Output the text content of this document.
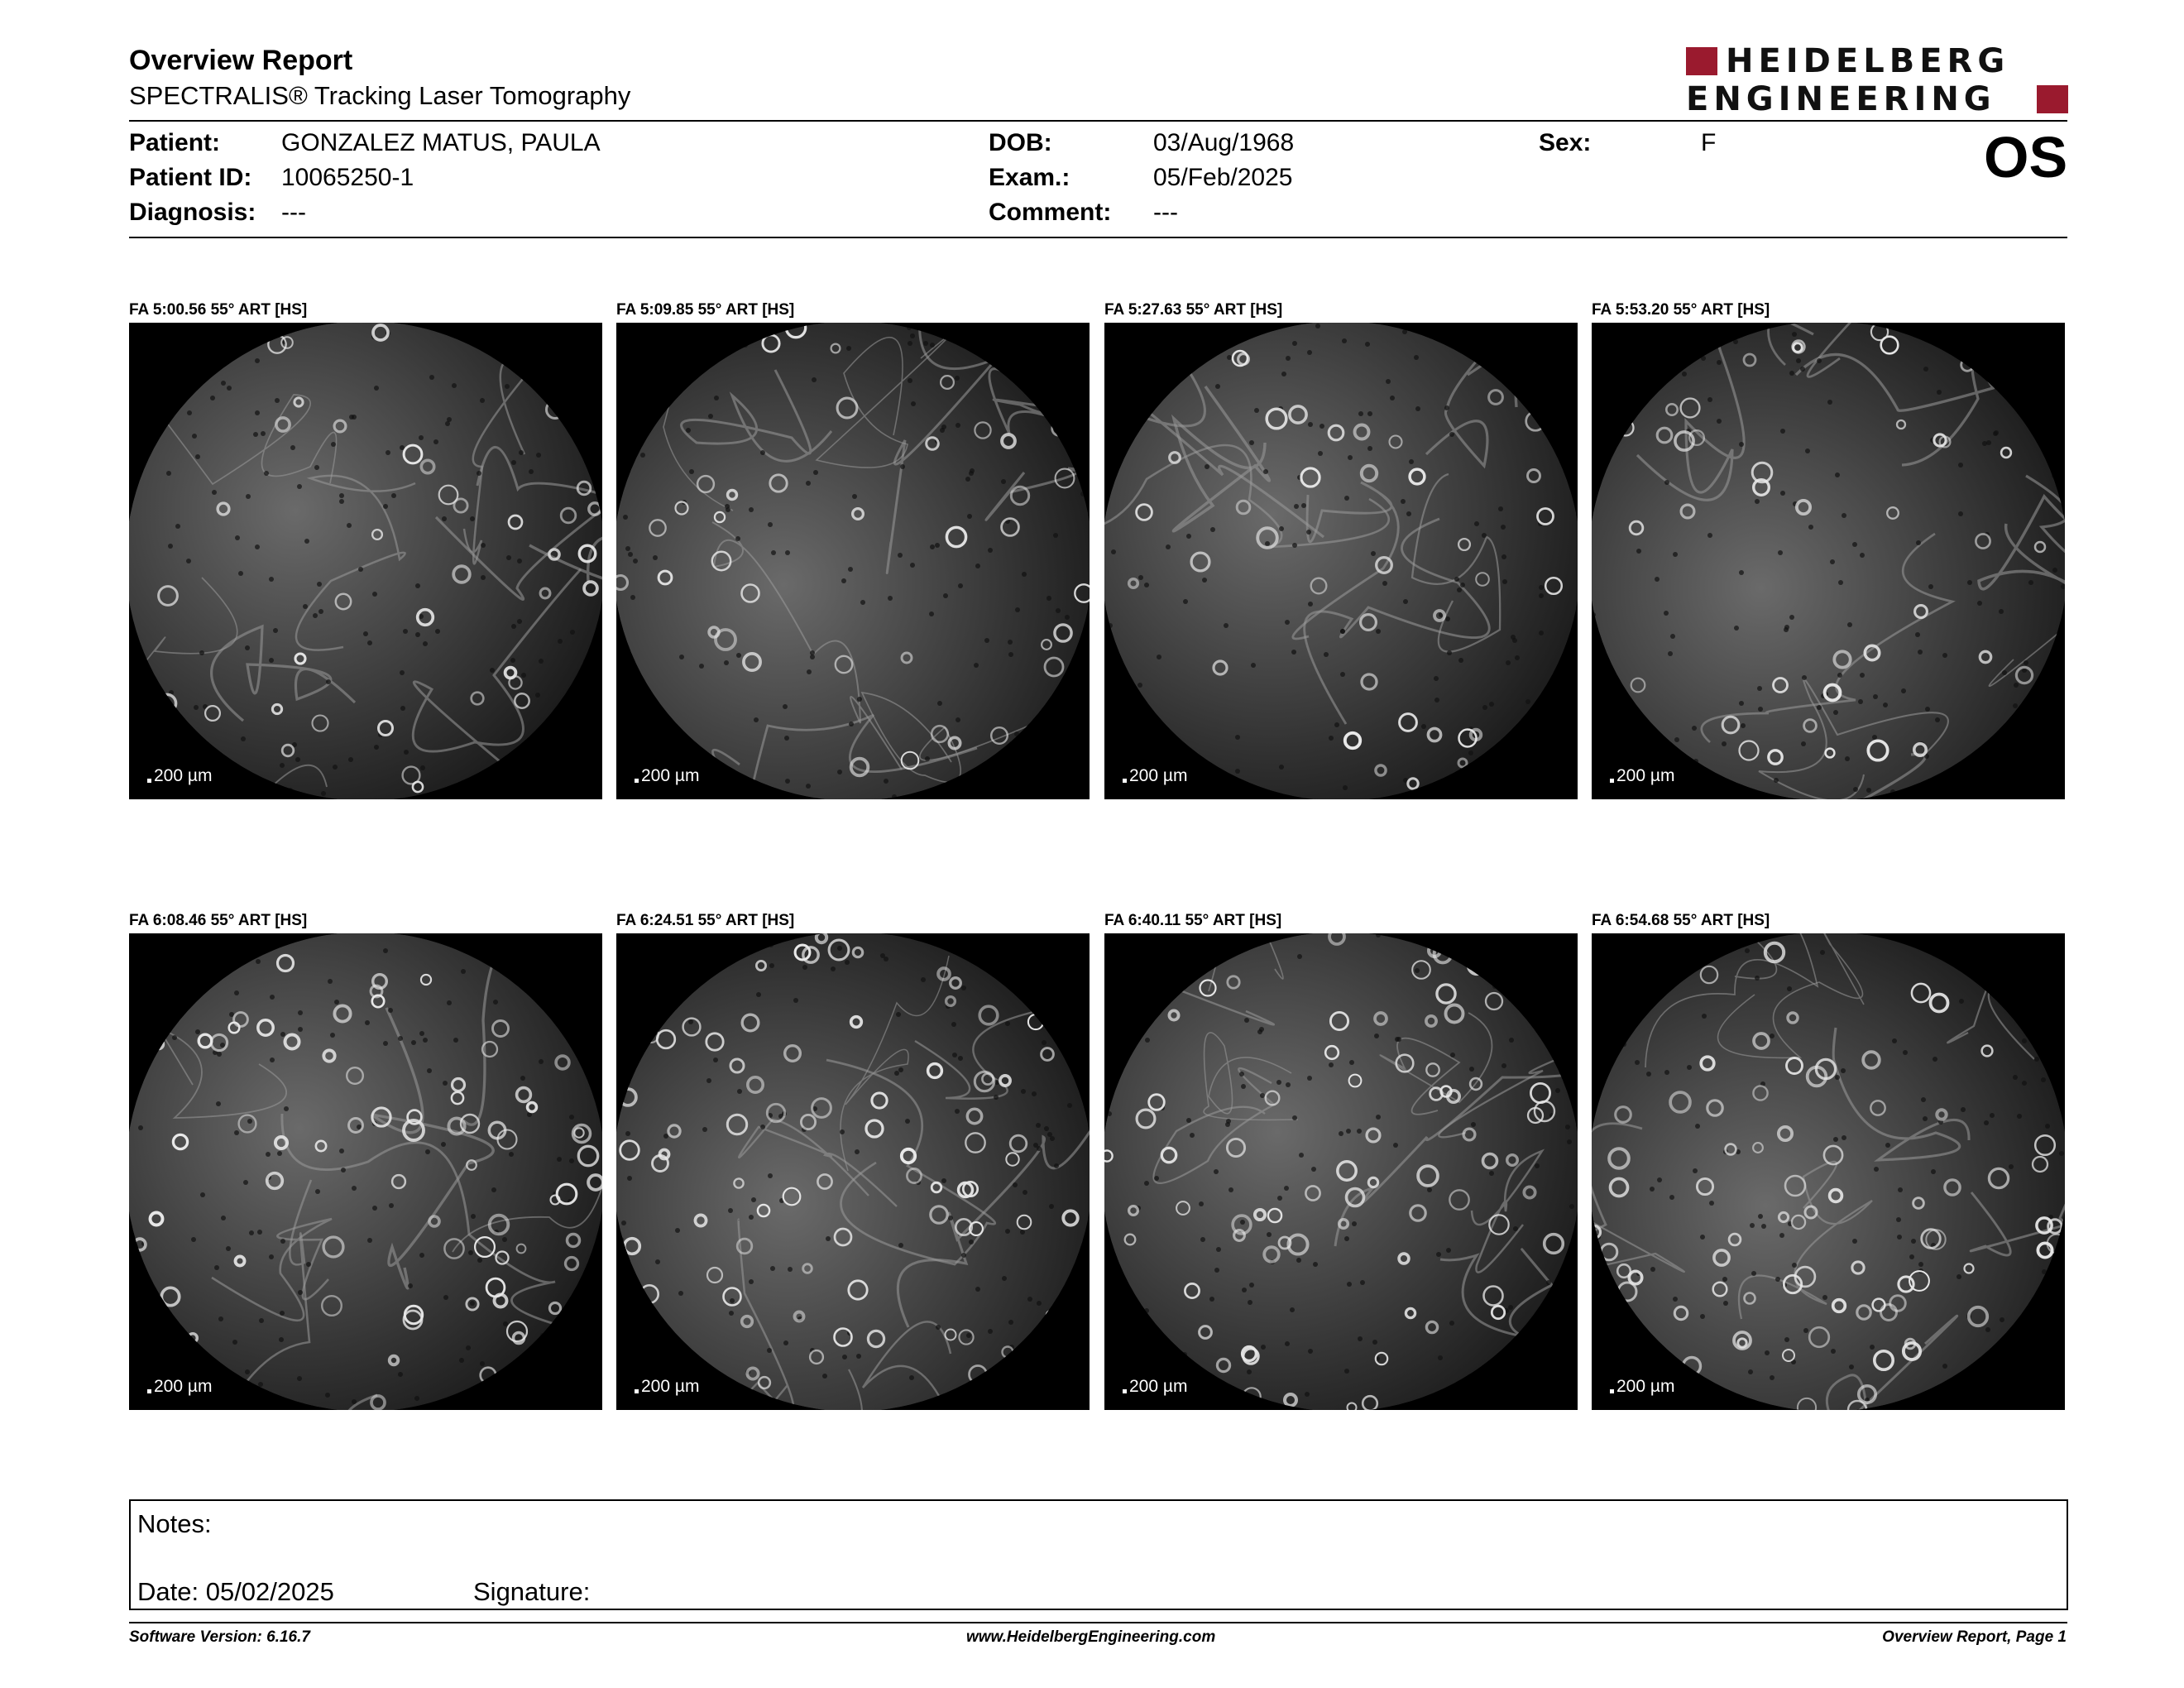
Overview Report
SPECTRALIS® Tracking Laser Tomography
HEIDELBERG
ENGINEERING
Patient: GONZALEZ MATUS, PAULA
Patient ID: 10065250-1
Diagnosis: ---
DOB:	03/Aug/1968
Exam.:	05/Feb/2025
Comment: ---
Sex:	F	OS
FA 5:00.56 55° ART [HS]
200 µm
FA 5:09.85 55° ART [HS]
200 µm
FA 5:27.63 55° ART [HS]
200 µm
FA 5:53.20 55° ART [HS]
200 µm
FA 6:08.46 55° ART [HS]
200 µm
FA 6:24.51 55° ART [HS]
200 µm
FA 6:40.11 55° ART [HS]
200 µm
FA 6:54.68 55° ART [HS]
200 µm
Notes:
Date: 05/02/2025	Signature:
Software Version: 6.16.7	www.HeidelbergEngineering.com	Overview Report, Page 1
